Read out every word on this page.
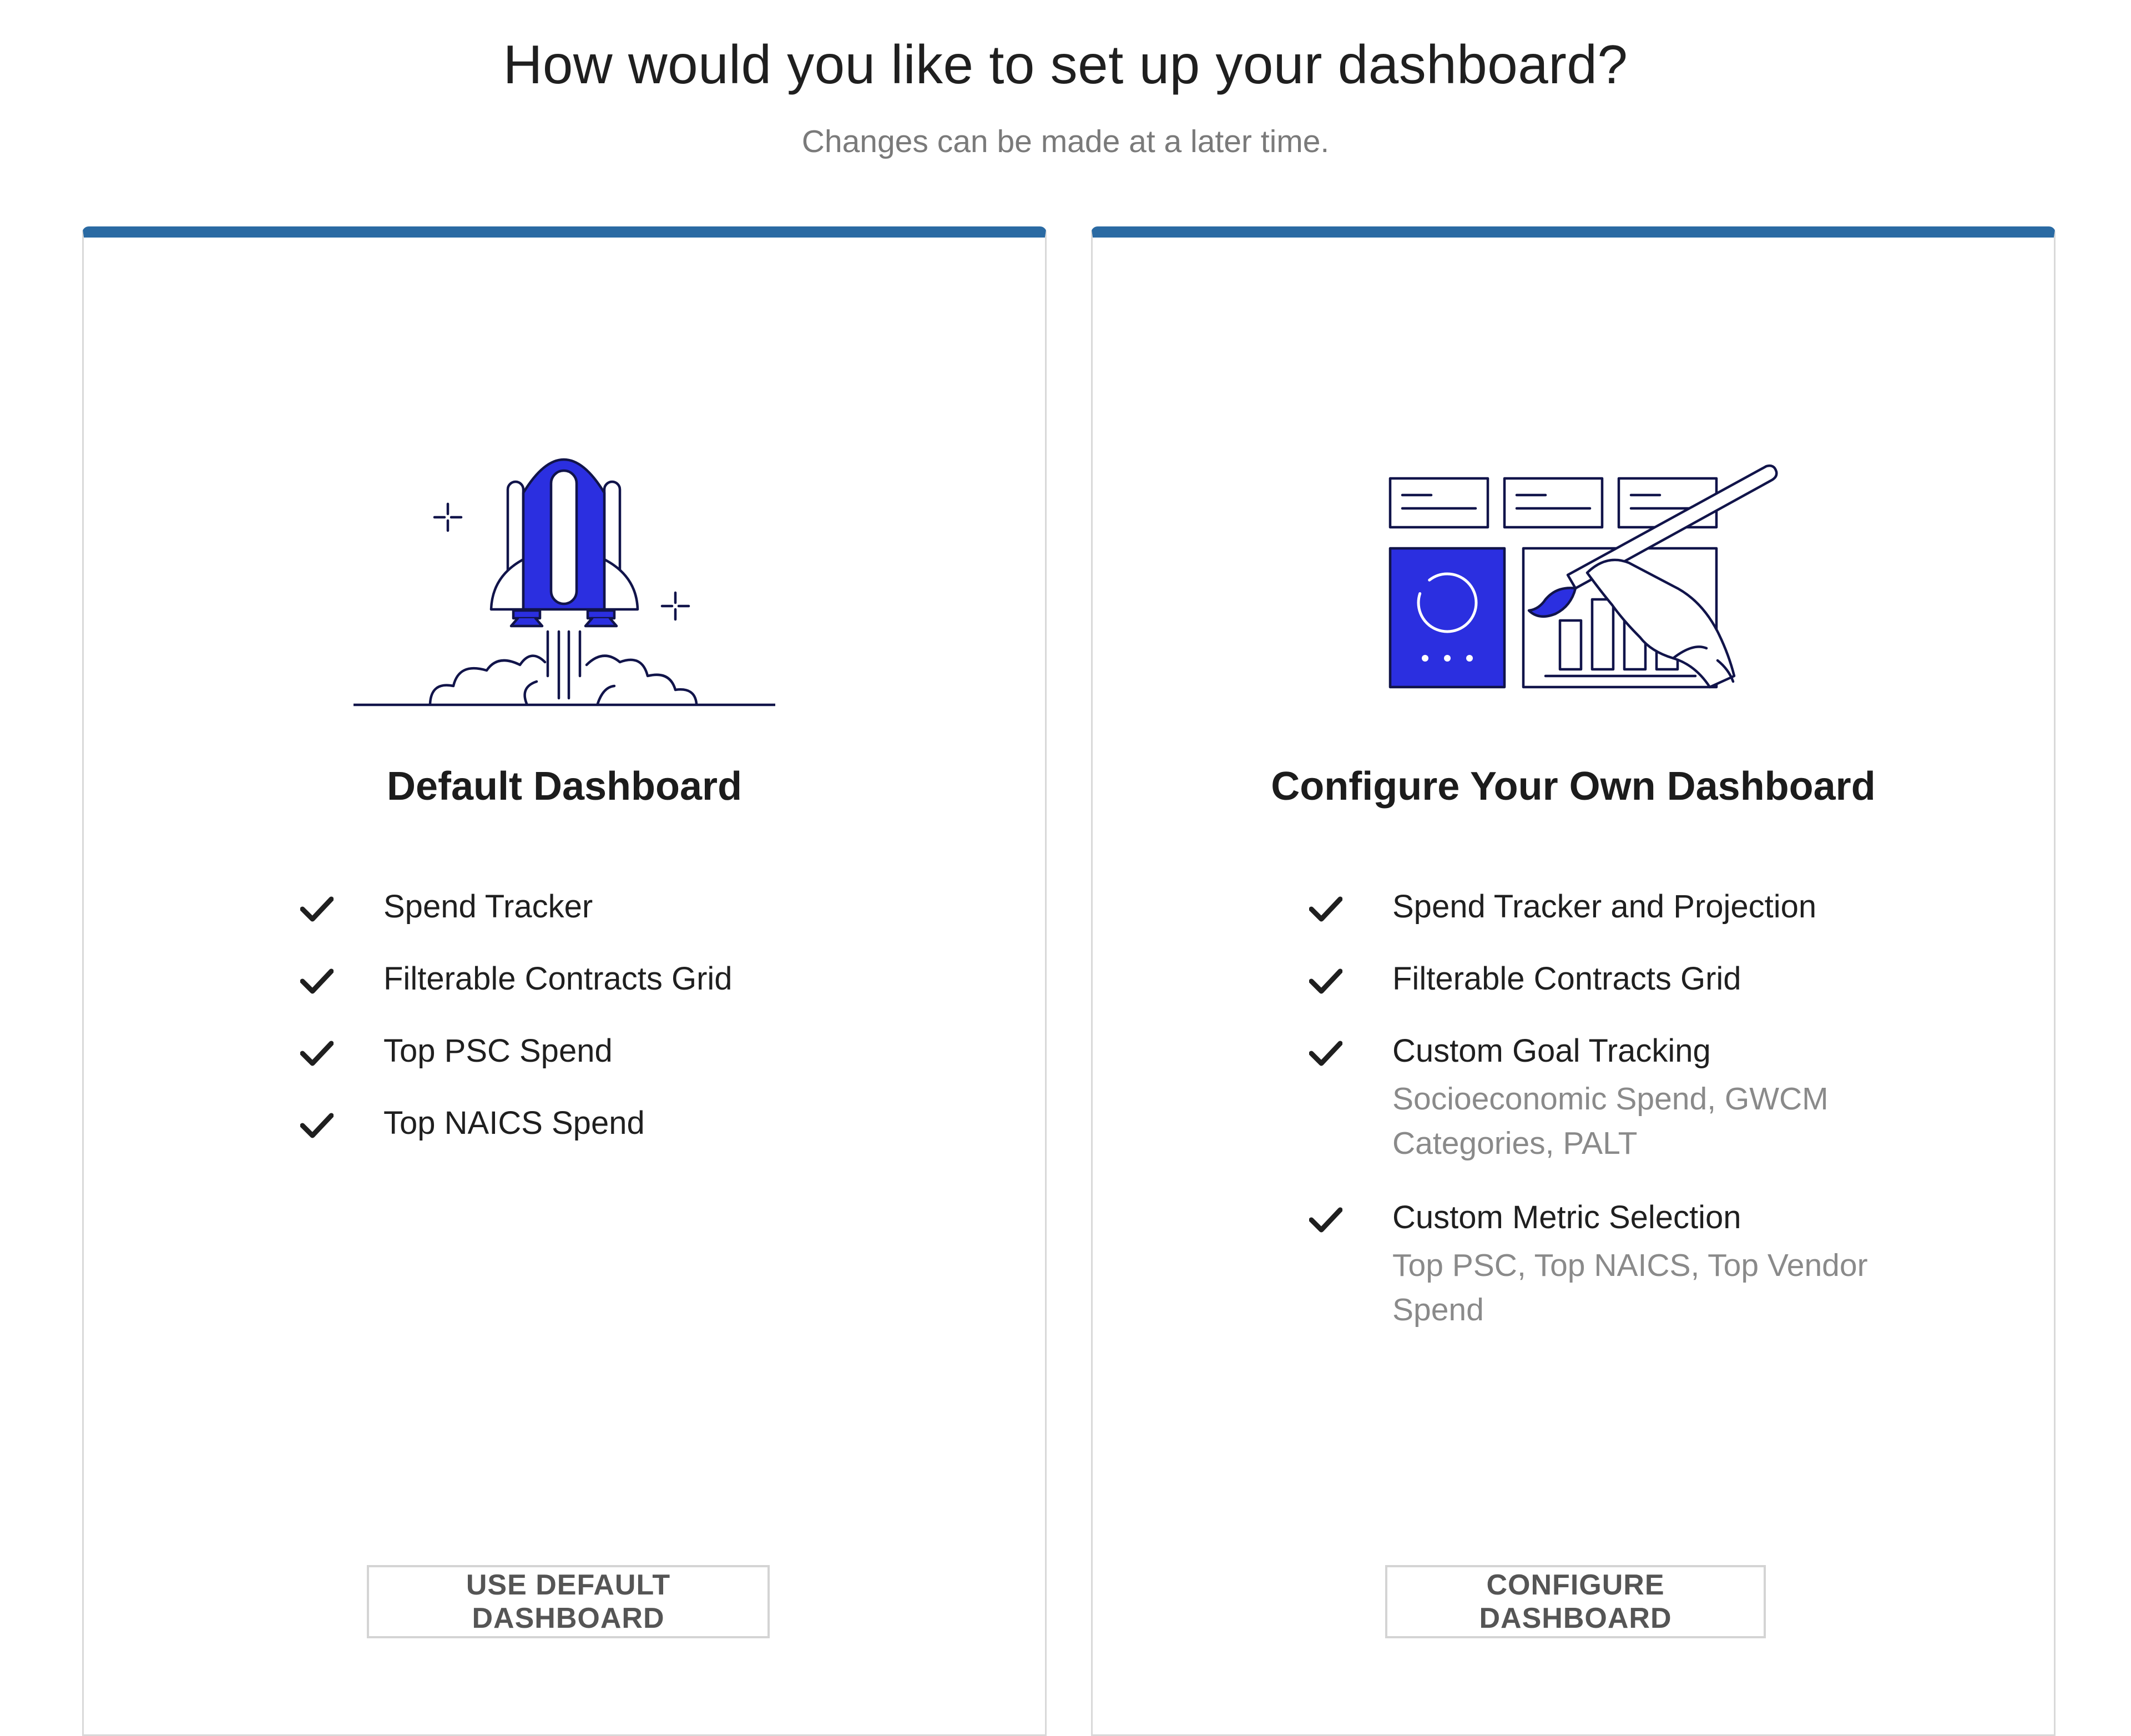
How would you like to set up your dashboard?
Changes can be made at a later time.
Default Dashboard
Spend Tracker
Filterable Contracts Grid
Top PSC Spend
Top NAICS Spend
USE DEFAULT DASHBOARD
Configure Your Own Dashboard
Spend Tracker and Projection
Filterable Contracts Grid
Custom Goal Tracking
Socioeconomic Spend, GWCM Categories, PALT
Custom Metric Selection
Top PSC, Top NAICS, Top Vendor Spend
CONFIGURE DASHBOARD
